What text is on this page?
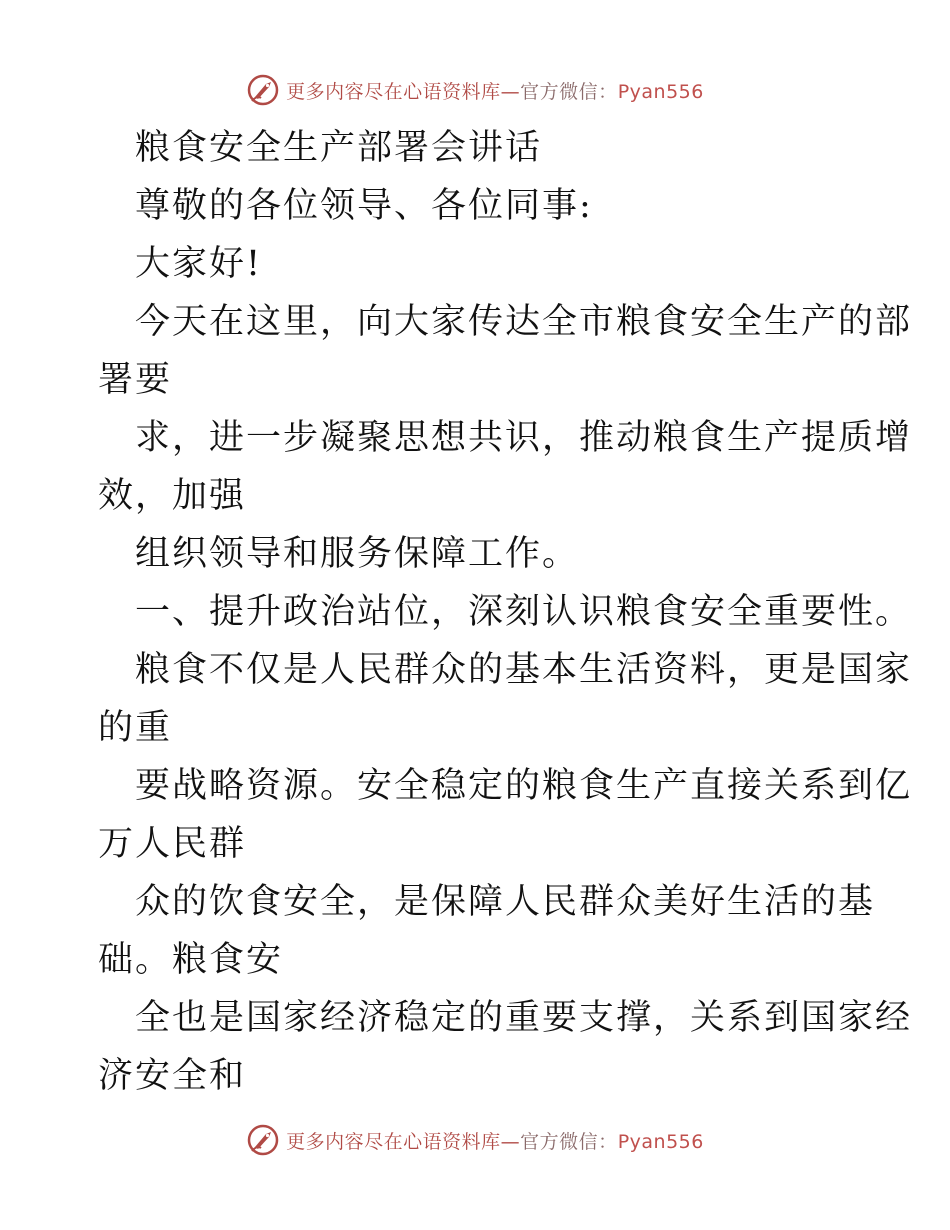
更多内容尽在心语资料库—官方微信：Pyan556
粮食安全生产部署会讲话
尊敬的各位领导、各位同事:
大家好!
今天在这里，向大家传达全市粮食安全生产的部
署要
求，进一步凝聚思想共识，推动粮食生产提质增
效，加强
组织领导和服务保障工作。
一、提升政治站位，深刻认识粮食安全重要性。
粮食不仅是人民群众的基本生活资料，更是国家
的重
要战略资源。安全稳定的粮食生产直接关系到亿
万人民群
众的饮食安全，是保障人民群众美好生活的基
础。粮食安
全也是国家经济稳定的重要支撑，关系到国家经
济安全和
更多内容尽在心语资料库—官方微信：Pyan556
